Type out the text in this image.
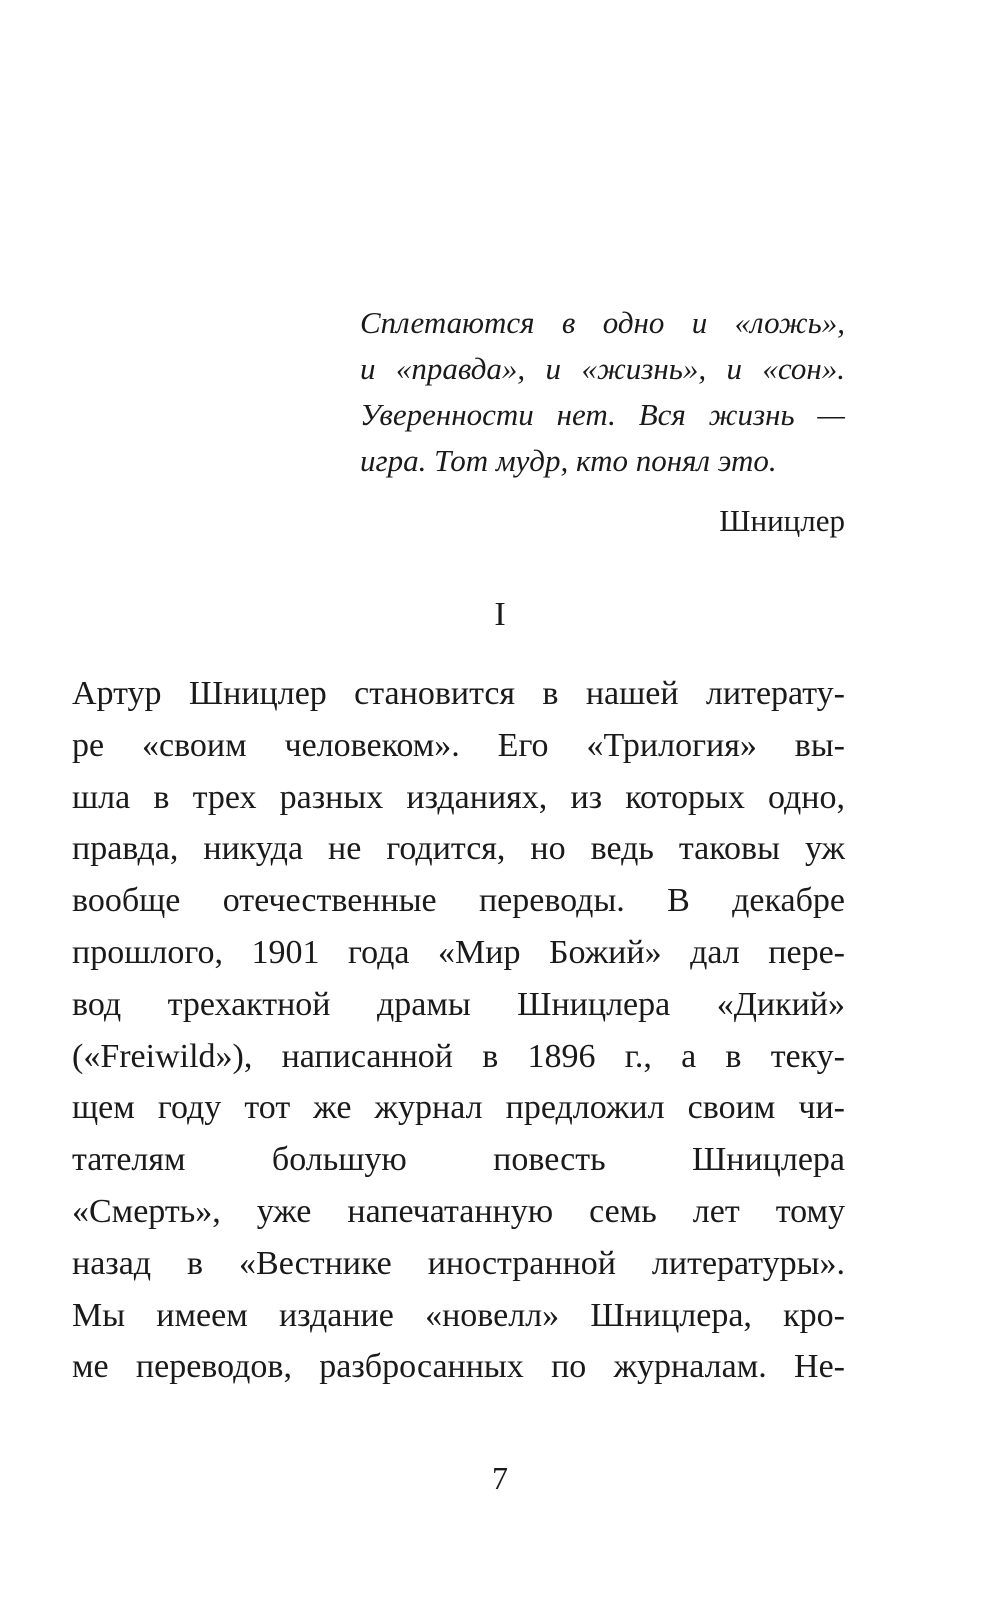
Сплетаются в одно и «ложь»,
и «правда», и «жизнь», и «сон».
Уверенности нет. Вся жизнь —
игра. Тот мудр, кто понял это.
Шницлер
I
Артур Шницлер становится в нашей литерату-
ре «своим человеком». Его «Трилогия» вы-
шла в трех разных изданиях, из которых одно,
правда, никуда не годится, но ведь таковы уж
вообще отечественные переводы. В декабре
прошлого, 1901 года «Мир Божий» дал пере-
вод трехактной драмы Шницлера «Дикий»
(«Freiwild»), написанной в 1896 г., а в теку-
щем году тот же журнал предложил своим чи-
тателям большую повесть Шницлера
«Смерть», уже напечатанную семь лет тому
назад в «Вестнике иностранной литературы».
Мы имеем издание «новелл» Шницлера, кро-
ме переводов, разбросанных по журналам. Не-
7
